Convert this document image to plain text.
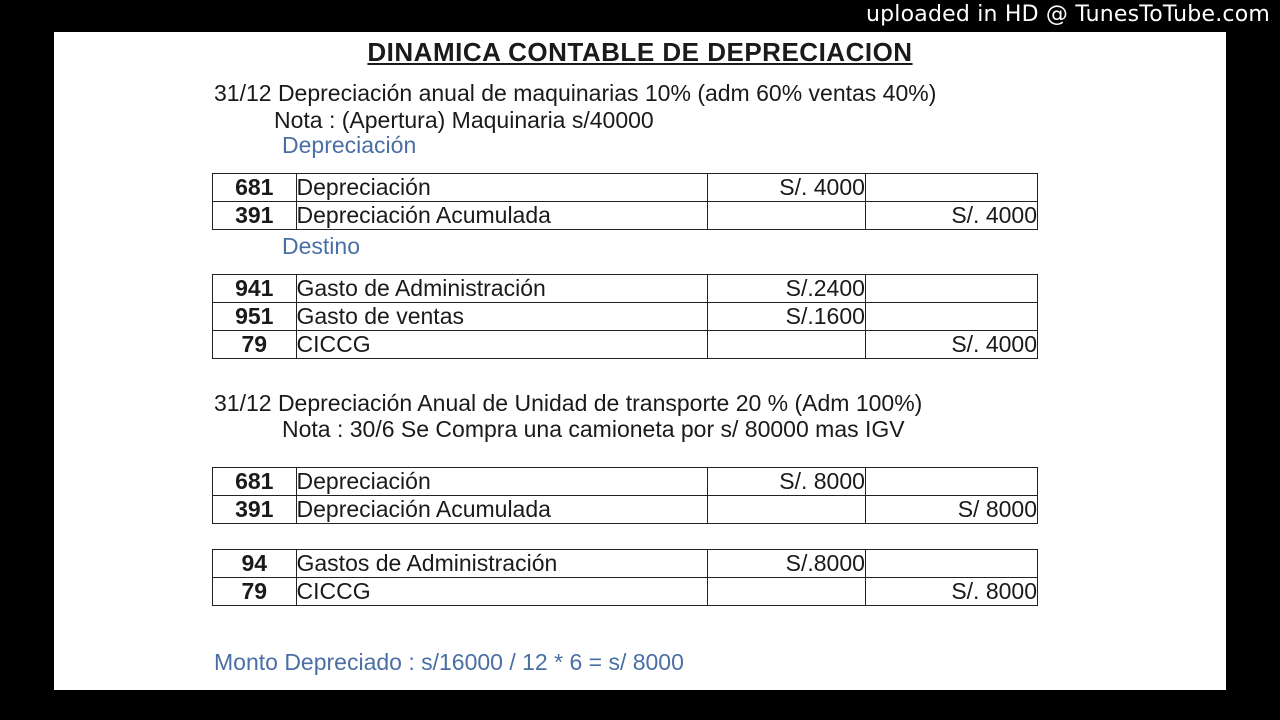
uploaded in HD @ TunesToTube.com
DINAMICA CONTABLE DE DEPRECIACION
31/12 Depreciación anual de maquinarias 10% (adm 60% ventas 40%)
Nota : (Apertura) Maquinaria s/40000
Depreciación
681	Depreciación	S/. 4000	
391	Depreciación Acumulada		S/. 4000
Destino
941	Gasto de Administración	S/.2400	
951	Gasto de ventas	S/.1600	
79	CICCG		S/. 4000
31/12 Depreciación Anual de Unidad de transporte 20 % (Adm 100%)
Nota : 30/6 Se Compra una camioneta por s/ 80000 mas IGV
681	Depreciación	S/. 8000	
391	Depreciación Acumulada		S/ 8000
94	Gastos de Administración	S/.8000	
79	CICCG		S/. 8000
Monto Depreciado : s/16000 / 12 * 6 = s/ 8000
